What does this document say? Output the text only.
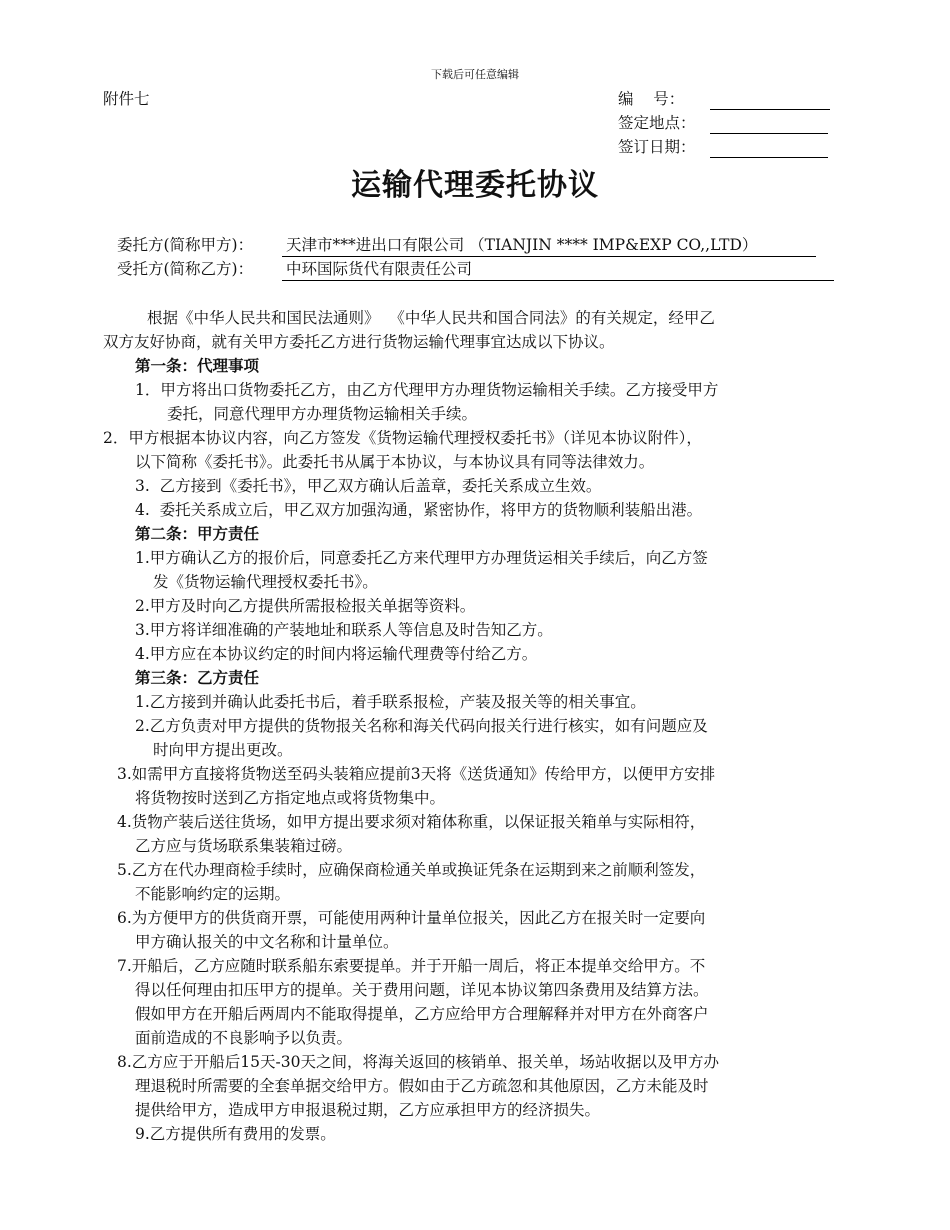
下载后可任意编辑
附件七	编    号：
签定地点：
签订日期：
运输代理委托协议
委托方(简称甲方)： 天津市***进出口有限公司 （TIANJIN **** IMP&EXP CO,,LTD）
受托方(简称乙方)： 中环国际货代有限责任公司
根据《中华人民共和国民法通则》  《中华人民共和国合同法》的有关规定，经甲乙
双方友好协商，就有关甲方委托乙方进行货物运输代理事宜达成以下协议。
第一条：代理事项
1．甲方将出口货物委托乙方，由乙方代理甲方办理货物运输相关手续。乙方接受甲方
委托，同意代理甲方办理货物运输相关手续。
2．甲方根据本协议内容，向乙方签发《货物运输代理授权委托书》（详见本协议附件），
以下简称《委托书》。此委托书从属于本协议，与本协议具有同等法律效力。
3.  乙方接到《委托书》，甲乙双方确认后盖章，委托关系成立生效。
4.  委托关系成立后，甲乙双方加强沟通，紧密协作，将甲方的货物顺利装船出港。
第二条：甲方责任
1.甲方确认乙方的报价后，同意委托乙方来代理甲方办理货运相关手续后，向乙方签
发《货物运输代理授权委托书》。
2.甲方及时向乙方提供所需报检报关单据等资料。
3.甲方将详细准确的产装地址和联系人等信息及时告知乙方。
4.甲方应在本协议约定的时间内将运输代理费等付给乙方。
第三条：乙方责任
1.乙方接到并确认此委托书后，着手联系报检，产装及报关等的相关事宜。
2.乙方负责对甲方提供的货物报关名称和海关代码向报关行进行核实，如有问题应及
时向甲方提出更改。
3.如需甲方直接将货物送至码头装箱应提前3天将《送货通知》传给甲方，以便甲方安排
将货物按时送到乙方指定地点或将货物集中。
4.货物产装后送往货场，如甲方提出要求须对箱体称重，以保证报关箱单与实际相符，
乙方应与货场联系集装箱过磅。
5.乙方在代办理商检手续时，应确保商检通关单或换证凭条在运期到来之前顺利签发，
不能影响约定的运期。
6.为方便甲方的供货商开票，可能使用两种计量单位报关，因此乙方在报关时一定要向
甲方确认报关的中文名称和计量单位。
7.开船后，乙方应随时联系船东索要提单。并于开船一周后，将正本提单交给甲方。不
得以任何理由扣压甲方的提单。关于费用问题，详见本协议第四条费用及结算方法。
假如甲方在开船后两周内不能取得提单，乙方应给甲方合理解释并对甲方在外商客户
面前造成的不良影响予以负责。
8.乙方应于开船后15天-30天之间，将海关返回的核销单、报关单，场站收据以及甲方办
理退税时所需要的全套单据交给甲方。假如由于乙方疏忽和其他原因，乙方未能及时
提供给甲方，造成甲方申报退税过期，乙方应承担甲方的经济损失。
9.乙方提供所有费用的发票。
